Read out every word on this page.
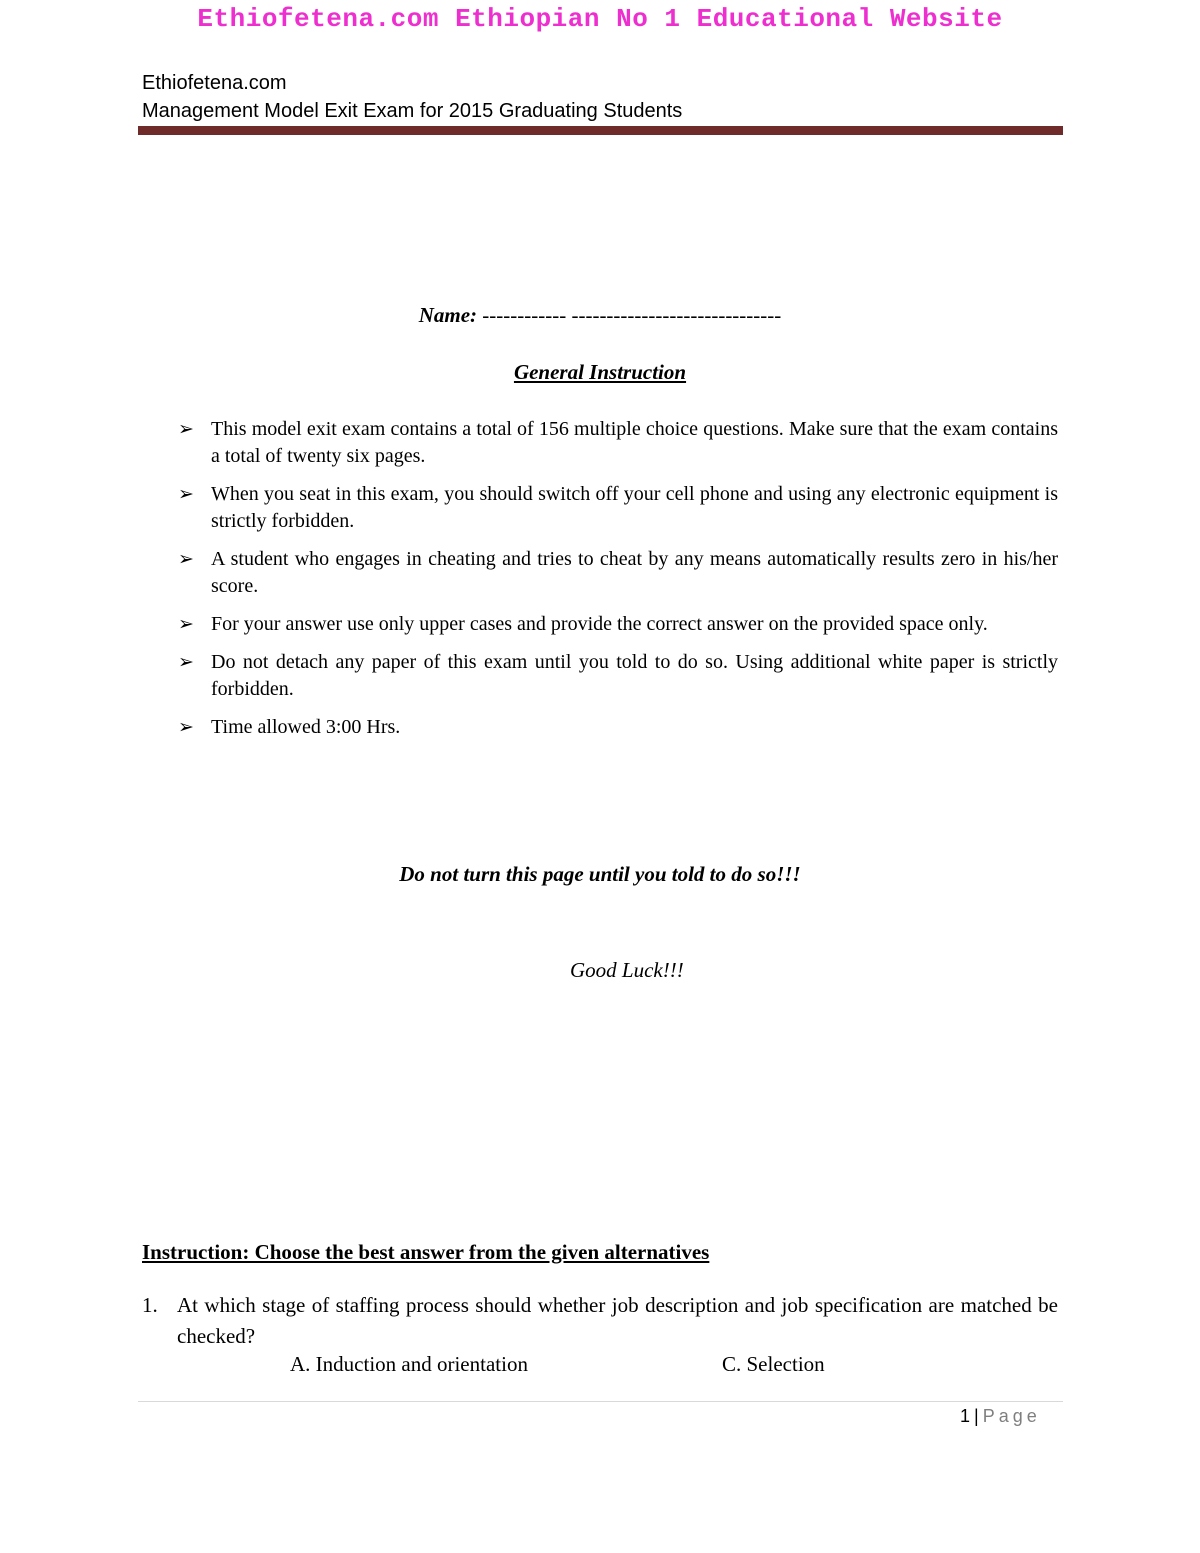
Ethiofetena.com Ethiopian No 1 Educational Website
Ethiofetena.com
Management Model Exit Exam for 2015 Graduating Students
Name: ------------ ------------------------------
General Instruction
➢ This model exit exam contains a total of 156 multiple choice questions. Make sure that the exam contains a total of twenty six pages.
➢ When you seat in this exam, you should switch off your cell phone and using any electronic equipment is strictly forbidden.
➢ A student who engages in cheating and tries to cheat by any means automatically results zero in his/her score.
➢ For your answer use only upper cases and provide the correct answer on the provided space only.
➢ Do not detach any paper of this exam until you told to do so. Using additional white paper is strictly forbidden.
➢ Time allowed 3:00 Hrs.
Do not turn this page until you told to do so!!!
Good Luck!!!
Instruction: Choose the best answer from the given alternatives
1. At which stage of staffing process should whether job description and job specification are matched be checked?
A. Induction and orientation	C. Selection
1 | Page
